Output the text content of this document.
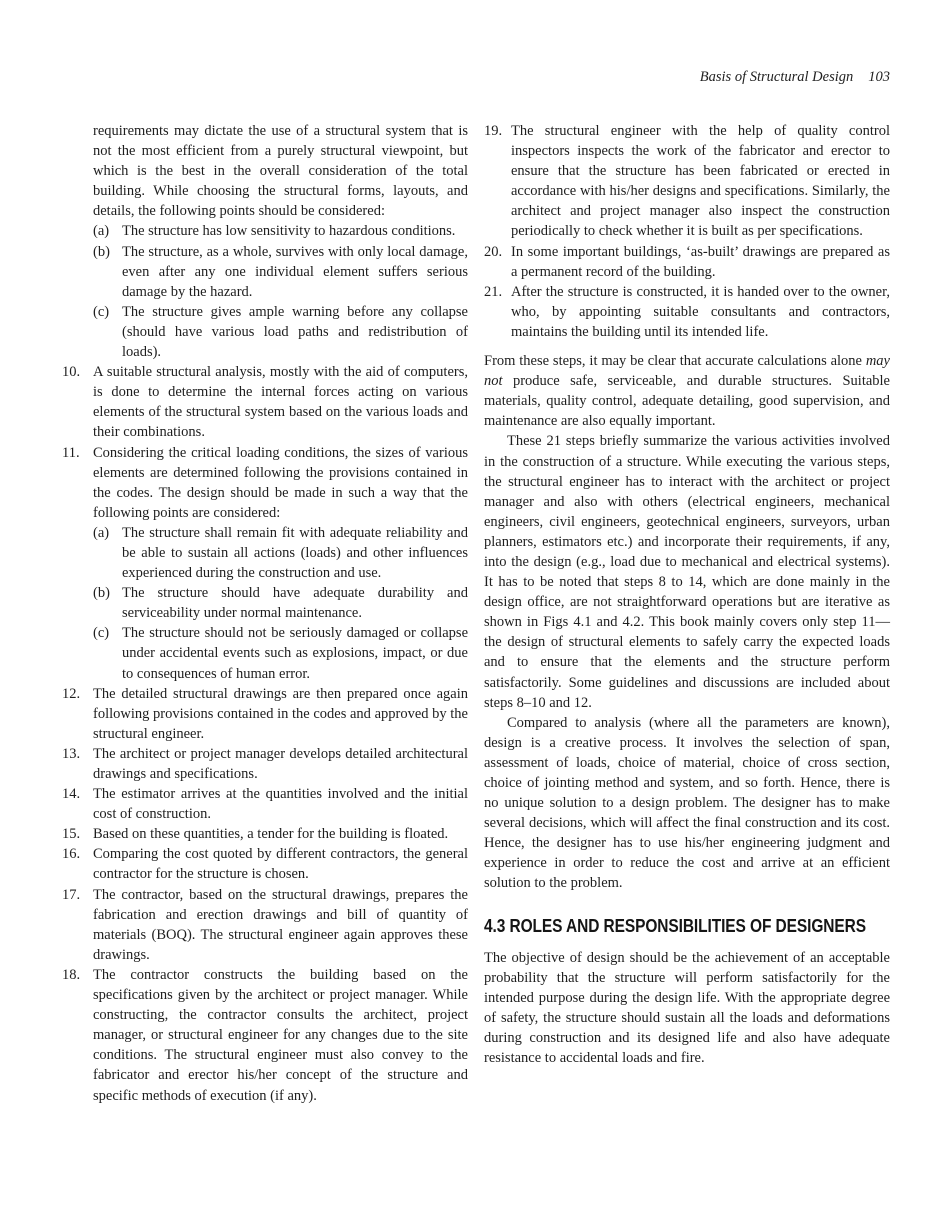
Basis of Structural Design 103

requirements may dictate the use of a structural system that is not the most efficient from a purely structural viewpoint, but which is the best in the overall consideration of the total building. While choosing the structural forms, layouts, and details, the following points should be considered:

(a) The structure has low sensitivity to hazardous conditions.
(b) The structure, as a whole, survives with only local damage, even after any one individual element suffers serious damage by the hazard.
(c) The structure gives ample warning before any collapse (should have various load paths and redistribution of loads).
10. A suitable structural analysis, mostly with the aid of computers, is done to determine the internal forces acting on various elements of the structural system based on the various loads and their combinations.
11. Considering the critical loading conditions, the sizes of various elements are determined following the provisions contained in the codes. The design should be made in such a way that the following points are considered:

(a) The structure shall remain fit with adequate reliability and be able to sustain all actions (loads) and other influences experienced during the construction and use.
(b) The structure should have adequate durability and serviceability under normal maintenance.
(c) The structure should not be seriously damaged or collapse under accidental events such as explosions, impact, or due to consequences of human error.
12. The detailed structural drawings are then prepared once again following provisions contained in the codes and approved by the structural engineer.
13. The architect or project manager develops detailed architectural drawings and specifications.
14. The estimator arrives at the quantities involved and the initial cost of construction.
15. Based on these quantities, a tender for the building is floated.
16. Comparing the cost quoted by different contractors, the general contractor for the structure is chosen.
17. The contractor, based on the structural drawings, prepares the fabrication and erection drawings and bill of quantity of materials (BOQ). The structural engineer again approves these drawings.
18. The contractor constructs the building based on the specifications given by the architect or project manager. While constructing, the contractor consults the architect, project manager, or structural engineer for any changes due to the site conditions. The structural engineer must also convey to the fabricator and erector his/her concept of the structure and specific methods of execution (if any).
19. The structural engineer with the help of quality control inspectors inspects the work of the fabricator and erector to ensure that the structure has been fabricated or erected in accordance with his/her designs and specifications. Similarly, the architect and project manager also inspect the construction periodically to check whether it is built as per specifications.
20. In some important buildings, ‘as-built’ drawings are prepared as a permanent record of the building.
21. After the structure is constructed, it is handed over to the owner, who, by appointing suitable consultants and contractors, maintains the building until its intended life.

From these steps, it may be clear that accurate calculations alone may not produce safe, serviceable, and durable structures. Suitable materials, quality control, adequate detailing, good supervision, and maintenance are also equally important.

These 21 steps briefly summarize the various activities involved in the construction of a structure. While executing the various steps, the structural engineer has to interact with the architect or project manager and also with others (electrical engineers, mechanical engineers, civil engineers, geotechnical engineers, surveyors, urban planners, estimators etc.) and incorporate their requirements, if any, into the design (e.g., load due to mechanical and electrical systems). It has to be noted that steps 8 to 14, which are done mainly in the design office, are not straightforward operations but are iterative as shown in Figs 4.1 and 4.2. This book mainly covers only step 11—the design of structural elements to safely carry the expected loads and to ensure that the elements and the structure perform satisfactorily. Some guidelines and discussions are included about steps 8–10 and 12.

Compared to analysis (where all the parameters are known), design is a creative process. It involves the selection of span, assessment of loads, choice of material, choice of cross section, choice of jointing method and system, and so forth. Hence, there is no unique solution to a design problem. The designer has to make several decisions, which will affect the final construction and its cost. Hence, the designer has to use his/her engineering judgment and experience in order to reduce the cost and arrive at an efficient solution to the problem.

4.3 ROLES AND RESPONSIBILITIES OF DESIGNERS

The objective of design should be the achievement of an acceptable probability that the structure will perform satisfactorily for the intended purpose during the design life. With the appropriate degree of safety, the structure should sustain all the loads and deformations during construction and its designed life and also have adequate resistance to accidental loads and fire.
